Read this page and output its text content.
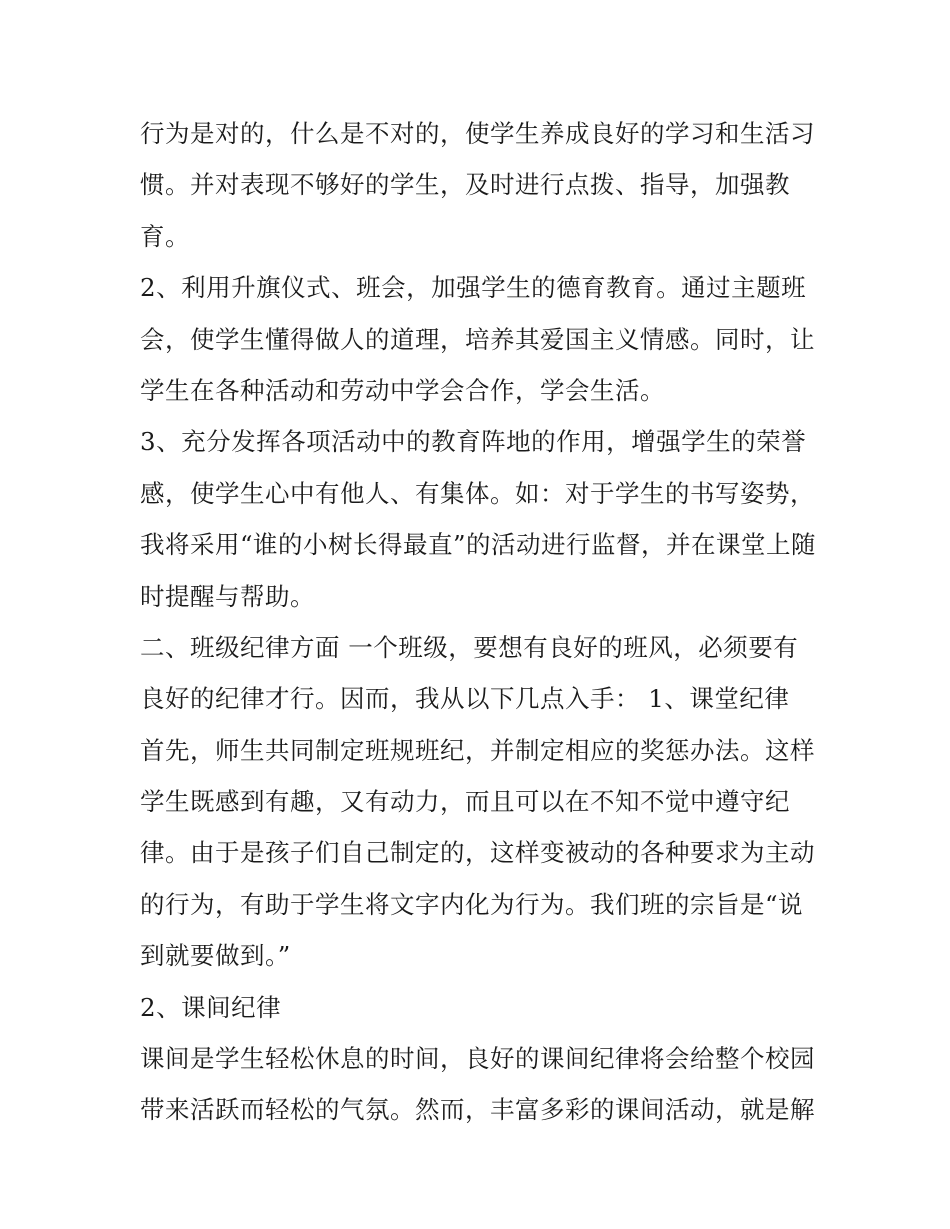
行为是对的，什么是不对的，使学生养成良好的学习和生活习
惯。并对表现不够好的学生，及时进行点拨、指导，加强教
育。
2、利用升旗仪式、班会，加强学生的德育教育。通过主题班
会，使学生懂得做人的道理，培养其爱国主义情感。同时，让
学生在各种活动和劳动中学会合作，学会生活。
3、充分发挥各项活动中的教育阵地的作用，增强学生的荣誉
感，使学生心中有他人、有集体。如：对于学生的书写姿势，
我将采用“谁的小树长得最直”的活动进行监督，并在课堂上随
时提醒与帮助。
二、班级纪律方面 一个班级，要想有良好的班风，必须要有
良好的纪律才行。因而，我从以下几点入手： 1、课堂纪律
首先，师生共同制定班规班纪，并制定相应的奖惩办法。这样
学生既感到有趣，又有动力，而且可以在不知不觉中遵守纪
律。由于是孩子们自己制定的，这样变被动的各种要求为主动
的行为，有助于学生将文字内化为行为。我们班的宗旨是“说
到就要做到。”
2、课间纪律
课间是学生轻松休息的时间，良好的课间纪律将会给整个校园
带来活跃而轻松的气氛。然而，丰富多彩的课间活动，就是解
